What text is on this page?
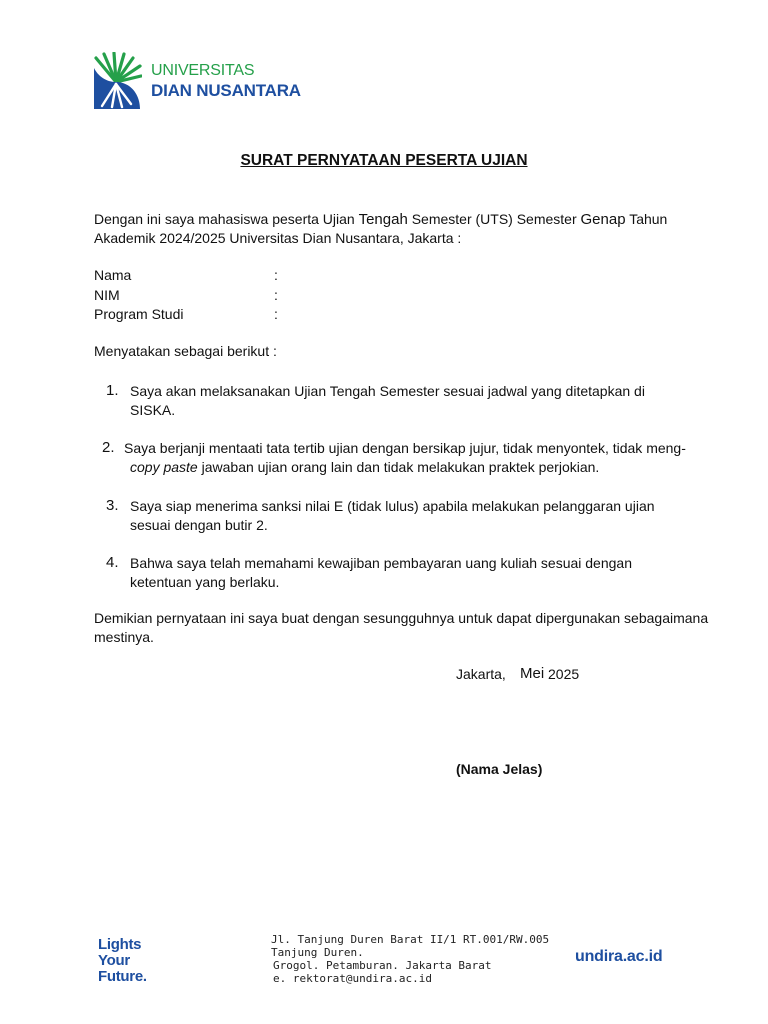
UNIVERSITAS
DIAN NUSANTARA
SURAT PERNYATAAN PESERTA UJIAN
Dengan ini saya mahasiswa peserta Ujian Tengah Semester (UTS) Semester Genap Tahun Akademik 2024/2025 Universitas Dian Nusantara, Jakarta :
Nama	:
NIM	:
Program Studi	:
Menyatakan sebagai berikut :
1. Saya akan melaksanakan Ujian Tengah Semester sesuai jadwal yang ditetapkan di
SISKA.
2. Saya berjanji mentaati tata tertib ujian dengan bersikap jujur, tidak menyontek, tidak meng-
copy paste jawaban ujian orang lain dan tidak melakukan praktek perjokian.
3. Saya siap menerima sanksi nilai E (tidak lulus) apabila melakukan pelanggaran ujian
sesuai dengan butir 2.
4. Bahwa saya telah memahami kewajiban pembayaran uang kuliah sesuai dengan
ketentuan yang berlaku.
Demikian pernyataan ini saya buat dengan sesungguhnya untuk dapat dipergunakan sebagaimana mestinya.
Jakarta, Mei 2025
(Nama Jelas)
Lights
Your
Future.
Jl. Tanjung Duren Barat II/1 RT.001/RW.005 Tanjung Duren.
Grogol. Petamburan. Jakarta Barat
e. rektorat@undira.ac.id
undira.ac.id
